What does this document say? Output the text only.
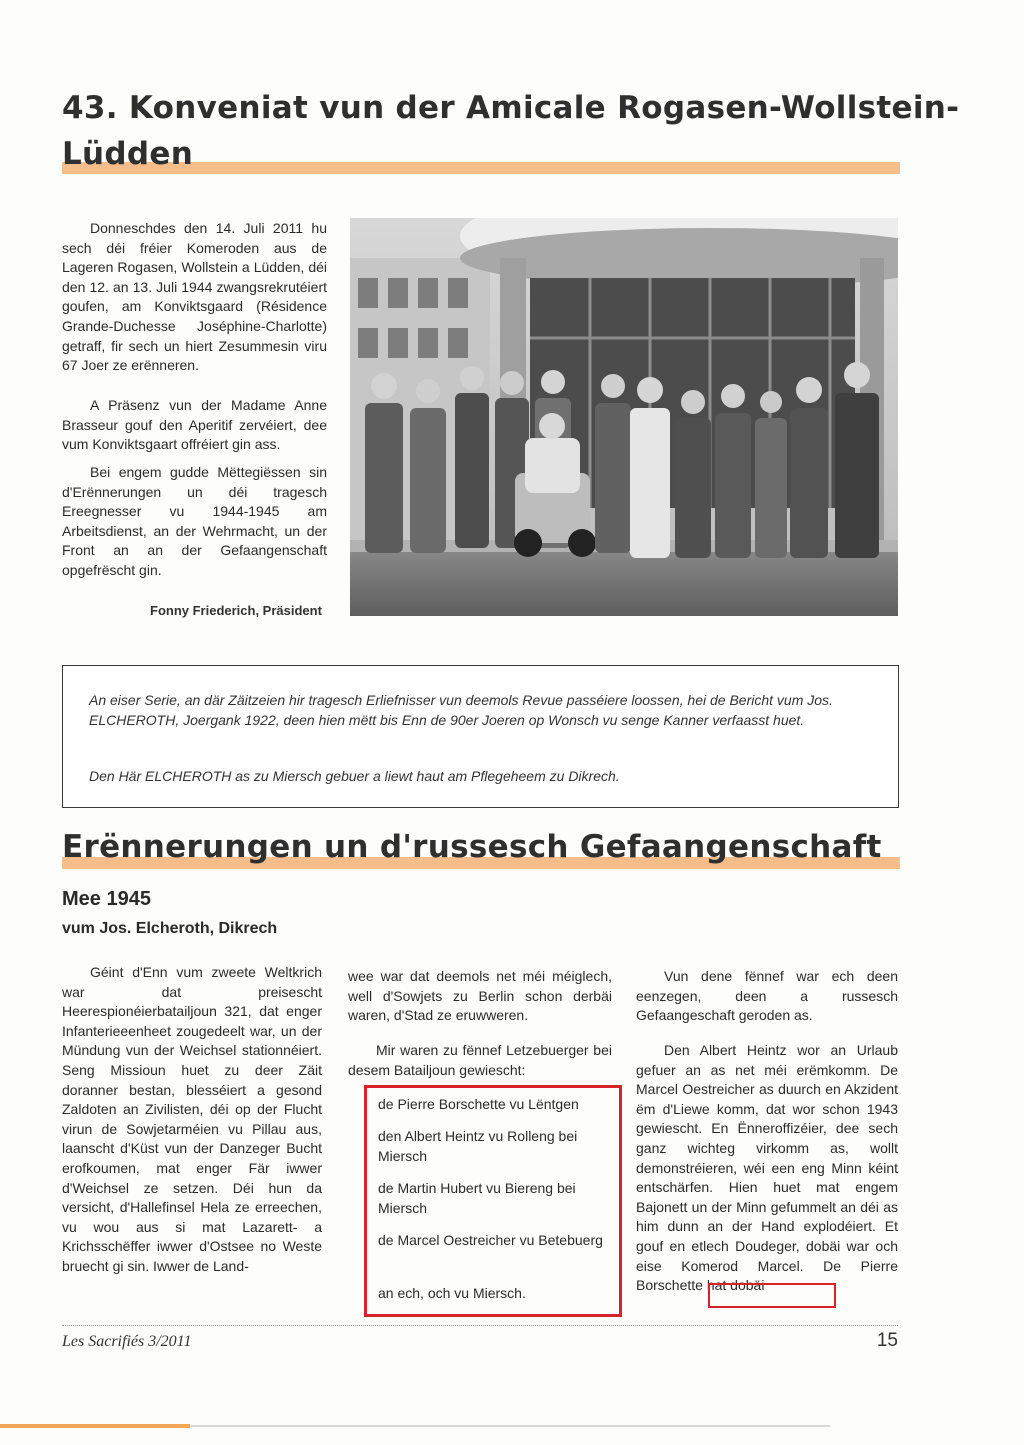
43. Konveniat vun der Amicale Rogasen-Wollstein-
Lüdden
Donneschdes den 14. Juli 2011 hu sech déi fréier Komeroden aus de Lageren Rogasen, Wollstein a Lüdden, déi den 12. an 13. Juli 1944 zwangsrekrutéiert goufen, am Konviktsgaard (Résidence Grande-Duchesse Joséphine-Charlotte) getraff, fir sech un hiert Zesummesin viru 67 Joer ze erënneren.
A Präsenz vun der Madame Anne Brasseur gouf den Aperitif zervéiert, dee vum Konviktsgaart offréiert gin ass.
Bei engem gudde Mëttegiëssen sin d'Erënnerungen un déi tragesch Ereegnesser vu 1944-1945 am Arbeitsdienst, an der Wehrmacht, un der Front an an der Gefaangenschaft opgefrëscht gin.
Fonny Friederich, Präsident

An eiser Serie, an där Zäitzeien hir tragesch Erliefnisser vun deemols Revue passéiere loossen, hei de Bericht vum Jos. ELCHEROTH, Joergank 1922, deen hien mëtt bis Enn de 90er Joeren op Wonsch vu senge Kanner verfaasst huet.

Den Här ELCHEROTH as zu Miersch gebuer a liewt haut am Pflegeheem zu Dikrech.

Erënnerungen un d'russesch Gefaangenschaft
Mee 1945
vum Jos. Elcheroth, Dikrech
Géint d'Enn vum zweete Weltkrich war dat preisescht Heerespionéierbatailjoun 321, dat enger Infanterieeenheet zougedeelt war, un der Mündung vun der Weichsel stationnéiert. Seng Missioun huet zu deer Zäit doranner bestan, blesséiert a gesond Zaldoten an Zivilisten, déi op der Flucht virun de Sowjetarméien vu Pillau aus, laanscht d'Küst vun der Danzeger Bucht erofkoumen, mat enger Fär iwwer d'Weichsel ze setzen. Déi hun da versicht, d'Hallefinsel Hela ze erreechen, vu wou aus si mat Lazarett- a Krichsschëffer iwwer d'Ostsee no Weste bruecht gi sin. Iwwer de Land-
wee war dat deemols net méi méiglech, well d'Sowjets zu Berlin schon derbäi waren, d'Stad ze eruwweren.
Mir waren zu fënnef Letzebuerger bei desem Batailjoun gewiescht:
de Pierre Borschette vu Lëntgen
den Albert Heintz vu Rolleng bei Miersch
de Martin Hubert vu Biereng bei Miersch
de Marcel Oestreicher vu Betebuerg
an ech, och vu Miersch.
Vun dene fënnef war ech deen eenzegen, deen a russesch Gefaangeschaft geroden as.
Den Albert Heintz wor an Urlaub gefuer an as net méi erëmkomm. De Marcel Oestreicher as duurch en Akzident ëm d'Liewe komm, dat wor schon 1943 gewiescht. En Ënneroffizéier, dee sech ganz wichteg virkomm as, wollt demonstréieren, wéi een eng Minn kéint entschärfen. Hien huet mat engem Bajonett un der Minn gefummelt an déi as him dunn an der Hand explodéiert. Et gouf en etlech Doudeger, dobäi war och eise Komerod Marcel. De Pierre Borschette hat dobäi
Les Sacrifiés 3/2011	15
